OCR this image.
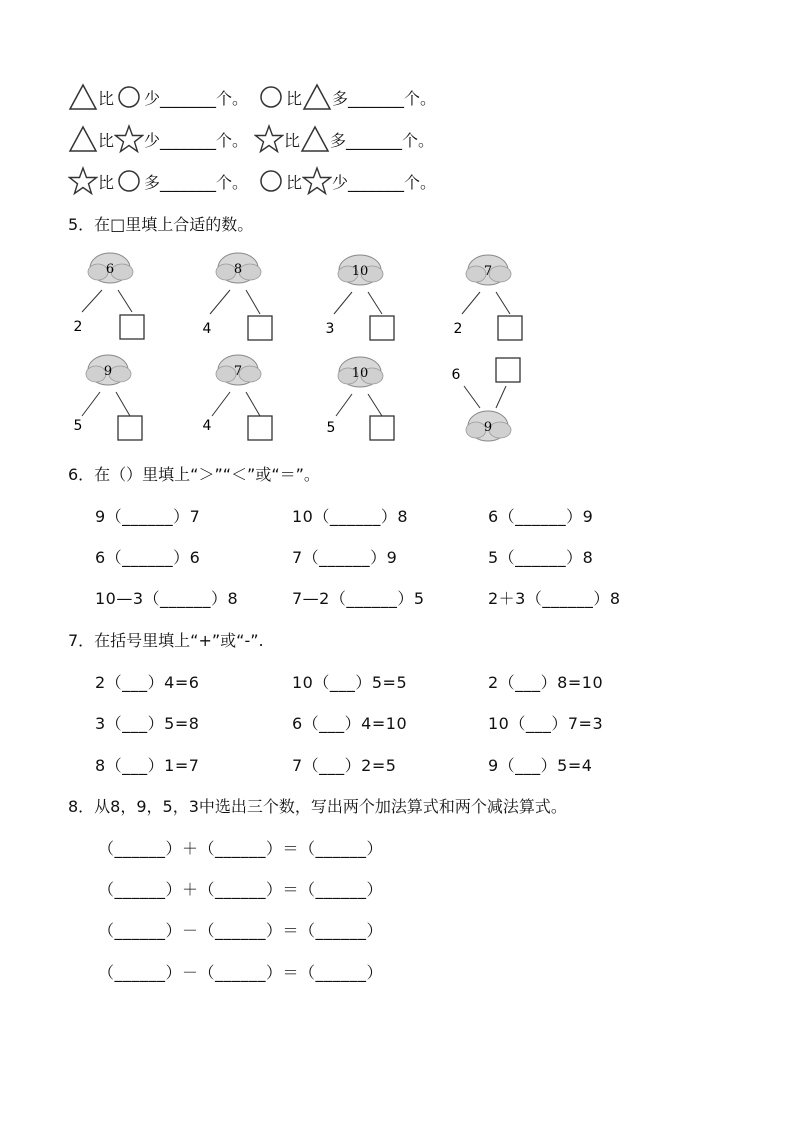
比 少_______个。 比 多_______个。
比 少_______个。 比 多_______个。
比 多_______个。 比 少_______个。
5．在□里填上合适的数。
6
2
8
4
10
3
7
2
9
5
7
4
10
5
6
9
6．在（）里填上“＞”“＜”或“＝”。
9（______）7	10（______）8	6（______）9
6（______）6	7（______）9	5（______）8
10—3（______）8	7—2（______）5	2＋3（______）8
7．在括号里填上“+”或“-”.
2（___）4=6	10（___）5=5	2（___）8=10
3（___）5=8	6（___）4=10	10（___）7=3
8（___）1=7	7（___）2=5	9（___）5=4
8．从8，9，5，3中选出三个数，写出两个加法算式和两个减法算式。
（______）＋（______）＝（______）
（______）＋（______）＝（______）
（______）－（______）＝（______）
（______）－（______）＝（______）
